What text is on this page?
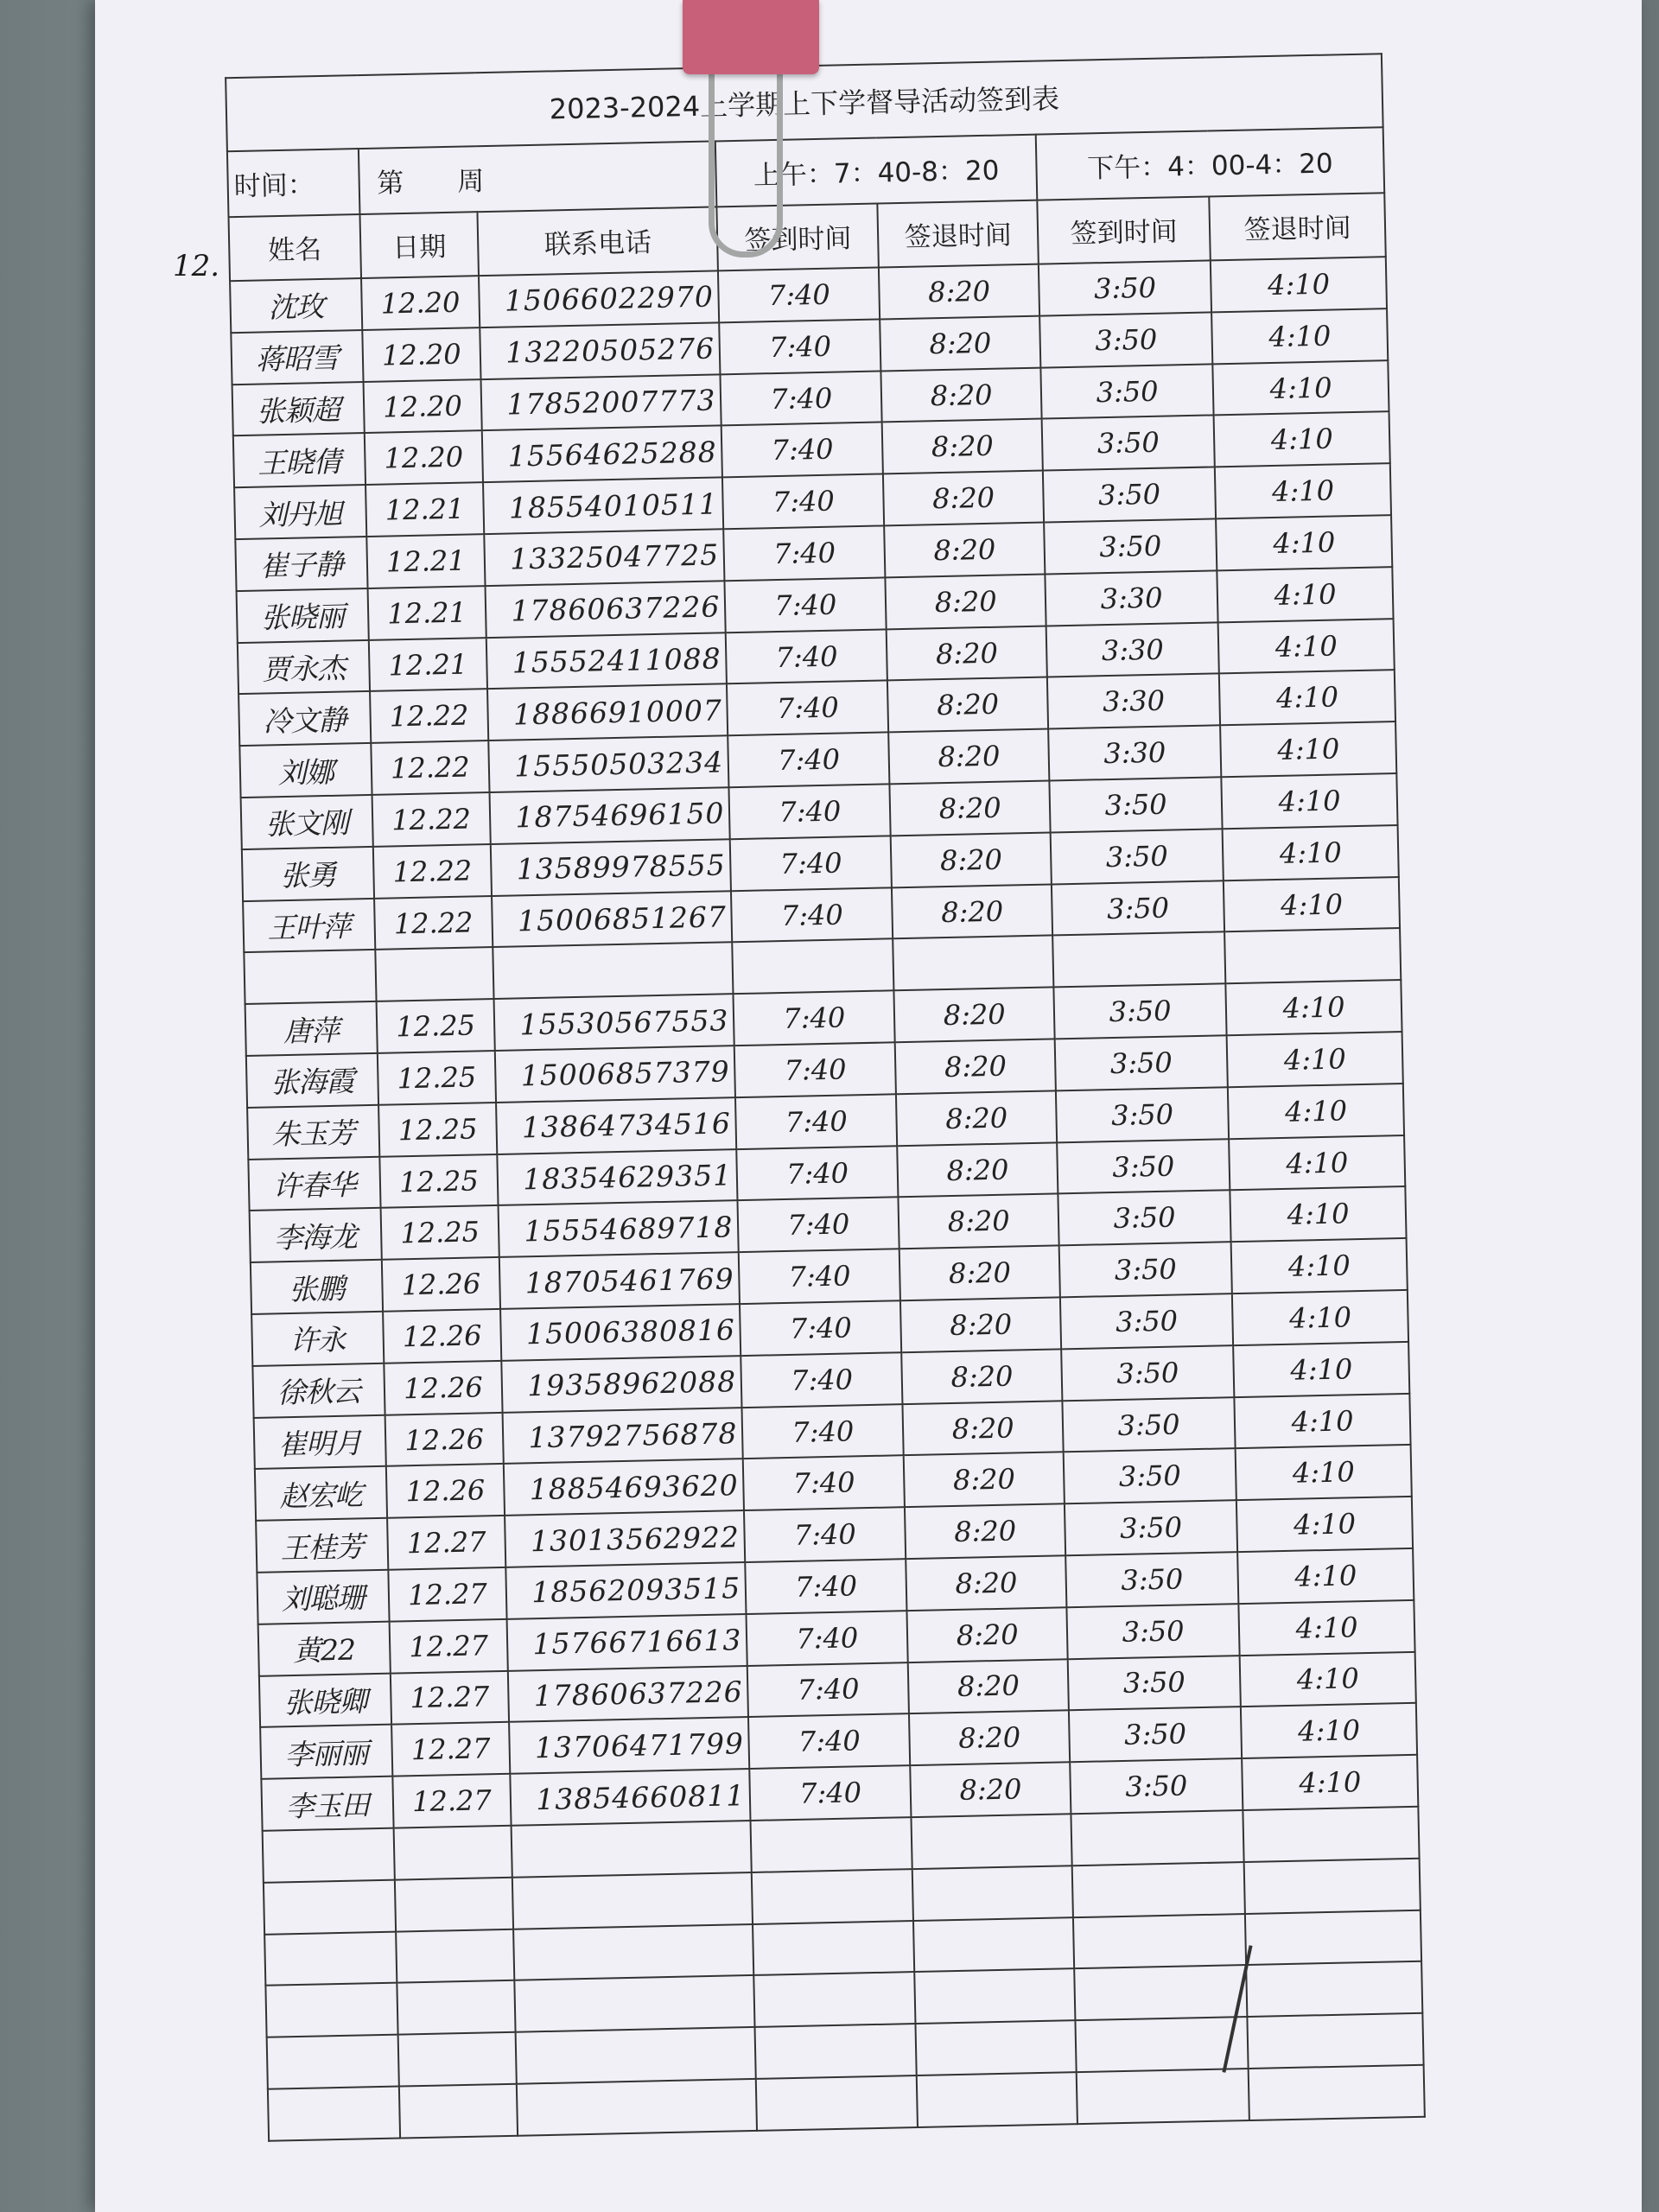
12.
2023-2024上学期上下学督导活动签到表						
时间：	第　　周		上午：7：40-8：20		下午：4：00-4：20	
姓名	日期	联系电话	签到时间	签退时间	签到时间	签退时间
沈玫	12.20	15066022970	7:40	8:20	3:50	4:10
蒋昭雪	12.20	13220505276	7:40	8:20	3:50	4:10
张颖超	12.20	17852007773	7:40	8:20	3:50	4:10
王晓倩	12.20	15564625288	7:40	8:20	3:50	4:10
刘丹旭	12.21	18554010511	7:40	8:20	3:50	4:10
崔子静	12.21	13325047725	7:40	8:20	3:50	4:10
张晓丽	12.21	17860637226	7:40	8:20	3:30	4:10
贾永杰	12.21	15552411088	7:40	8:20	3:30	4:10
冷文静	12.22	18866910007	7:40	8:20	3:30	4:10
刘娜	12.22	15550503234	7:40	8:20	3:30	4:10
张文刚	12.22	18754696150	7:40	8:20	3:50	4:10
张勇	12.22	13589978555	7:40	8:20	3:50	4:10
王叶萍	12.22	15006851267	7:40	8:20	3:50	4:10

唐萍	12.25	15530567553	7:40	8:20	3:50	4:10
张海霞	12.25	15006857379	7:40	8:20	3:50	4:10
朱玉芳	12.25	13864734516	7:40	8:20	3:50	4:10
许春华	12.25	18354629351	7:40	8:20	3:50	4:10
李海龙	12.25	15554689718	7:40	8:20	3:50	4:10
张鹏	12.26	18705461769	7:40	8:20	3:50	4:10
许永	12.26	15006380816	7:40	8:20	3:50	4:10
徐秋云	12.26	19358962088	7:40	8:20	3:50	4:10
崔明月	12.26	13792756878	7:40	8:20	3:50	4:10
赵宏屹	12.26	18854693620	7:40	8:20	3:50	4:10
王桂芳	12.27	13013562922	7:40	8:20	3:50	4:10
刘聪珊	12.27	18562093515	7:40	8:20	3:50	4:10
黄22	12.27	15766716613	7:40	8:20	3:50	4:10
张晓卿	12.27	17860637226	7:40	8:20	3:50	4:10
李丽丽	12.27	13706471799	7:40	8:20	3:50	4:10
李玉田	12.27	13854660811	7:40	8:20	3:50	4:10
